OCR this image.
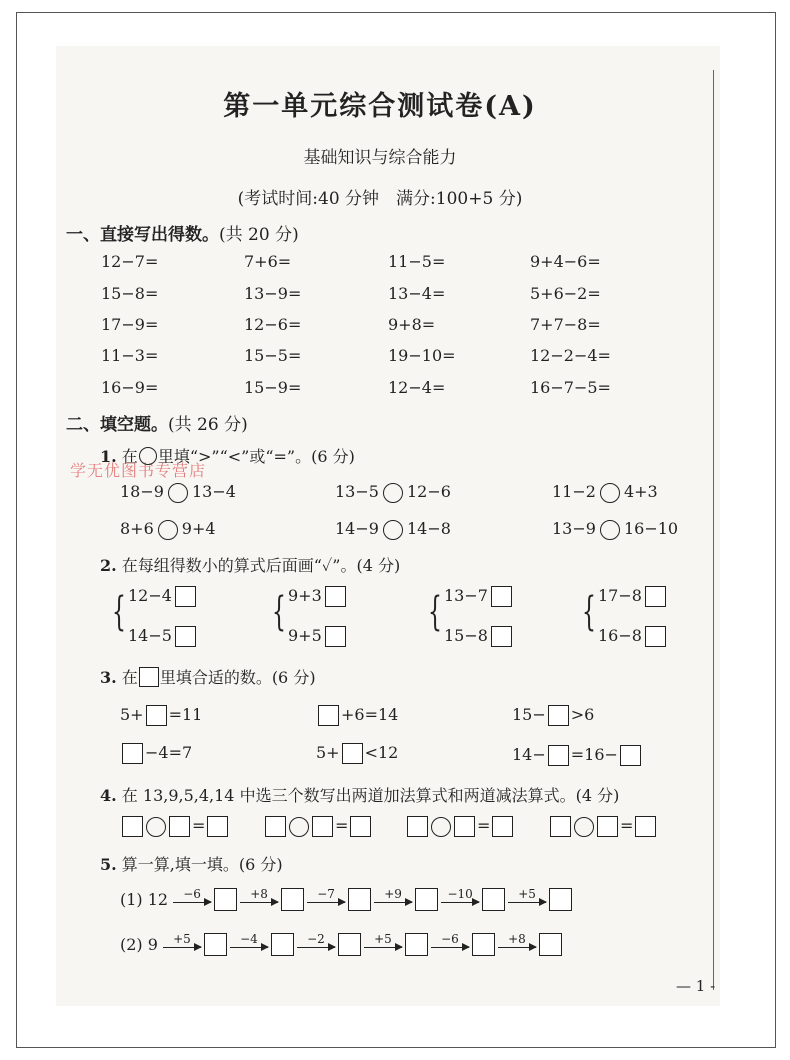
第一单元综合测试卷(A)
基础知识与综合能力
(考试时间:40 分钟　满分:100+5 分)
一、直接写出得数。(共 20 分)
12−7=	7+6=	11−5=	9+4−6=
15−8=	13−9=	13−4=	5+6−2=
17−9=	12−6=	9+8=	7+7−8=
11−3=	15−5=	19−10=	12−2−4=
16−9=	15−9=	12−4=	16−7−5=
二、填空题。(共 26 分)
学无优图书专营店
1. 在 里填“>”“<”或“=”。(6 分)
18−9 13−4	13−5 12−6	11−2 4+3
8+6 9+4	14−9 14−8	13−9 16−10
2. 在每组得数小的算式后面画“✓”。(4 分)
{ 12−4
14−5
{ 9+3
9+5
{ 13−7
15−8
{ 17−8
16−8
3. 在 里填合适的数。(6 分)
5+ =11	+6=14	15− >6
−4=7	5+ <12	14− =16−
4. 在 13,9,5,4,14 中选三个数写出两道加法算式和两道减法算式。(4 分)
=	=	=	=
5. 算一算,填一填。(6 分)
(1) 12 −6	+8	−7	+9	−10	+5
(2) 9 +5	−4	−2	+5	−6	+8
— 1 -
